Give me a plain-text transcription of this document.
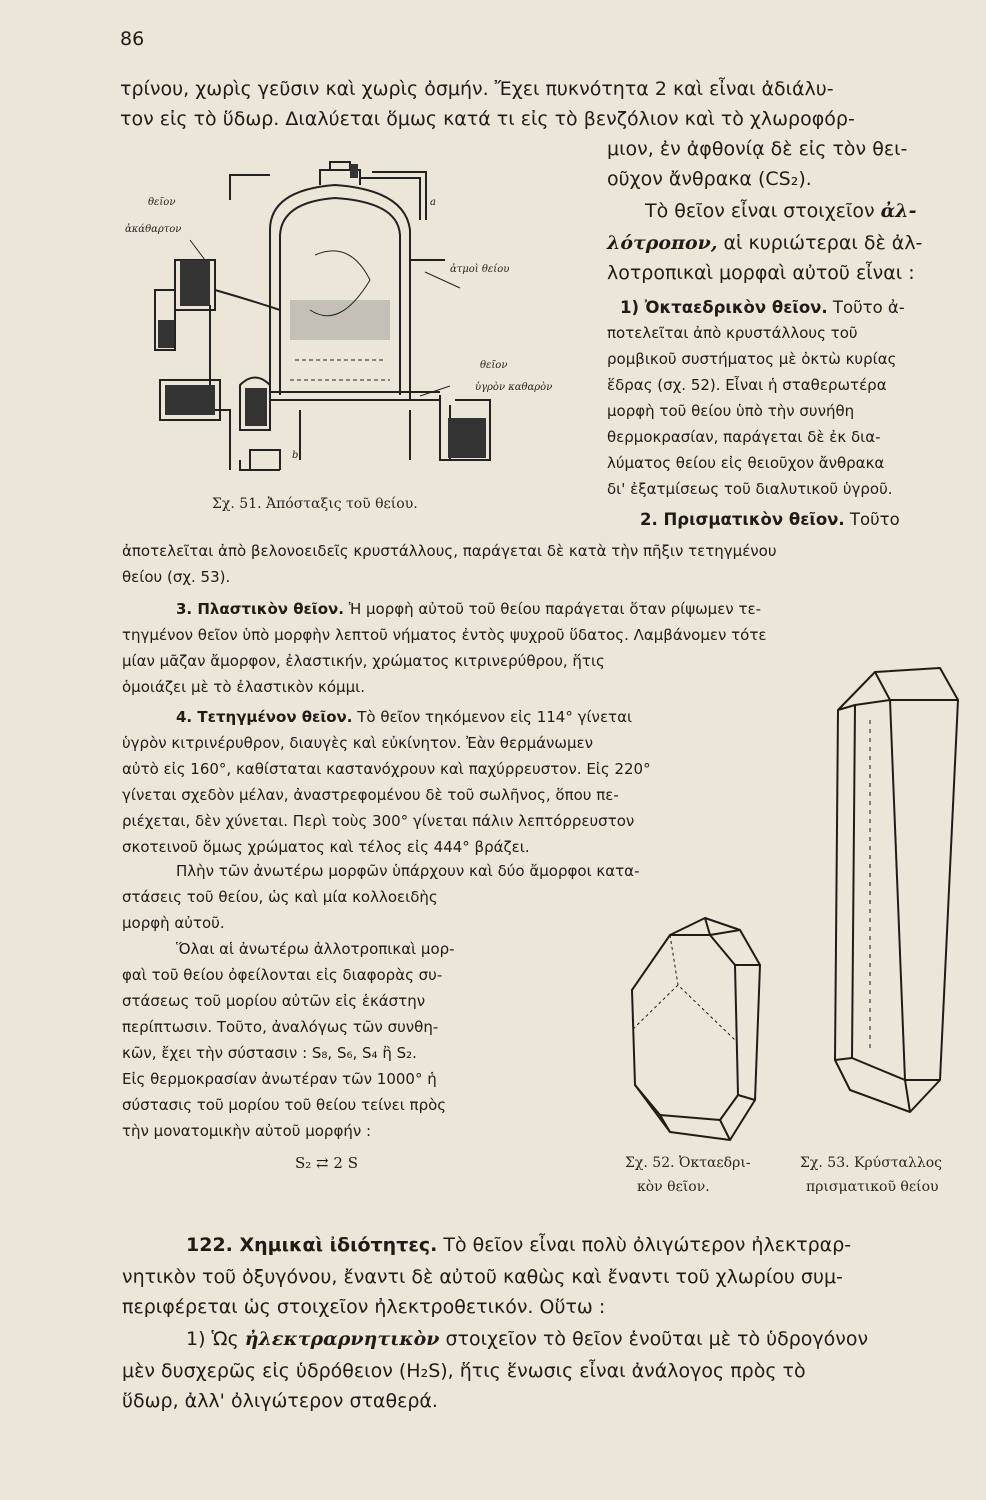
86
τρίνου, χωρὶς γεῦσιν καὶ χωρὶς ὀσμήν. Ἔχει πυκνότητα 2 καὶ εἶναι ἀδιάλυ-
τον εἰς τὸ ὕδωρ. Διαλύεται ὅμως κατά τι εἰς τὸ βενζόλιον καὶ τὸ χλωροφόρ-
μιον, ἐν ἀφθονίᾳ δὲ εἰς τὸν θει-
οῦχον ἄνθρακα (CS₂).
Τὸ θεῖον εἶναι στοιχεῖον ἀλ-
λότροπον, αἱ κυριώτεραι δὲ ἀλ-
λοτροπικαὶ μορφαὶ αὐτοῦ εἶναι :
1) Ὀκταεδρικὸν θεῖον. Τοῦτο ἀ-
ποτελεῖται ἀπὸ κρυστάλλους τοῦ
ρομβικοῦ συστήματος μὲ ὀκτὼ κυρίας
ἕδρας (σχ. 52). Εἶναι ἡ σταθερωτέρα
μορφὴ τοῦ θείου ὑπὸ τὴν συνήθη
θερμοκρασίαν, παράγεται δὲ ἐκ δια-
λύματος θείου εἰς θειοῦχον ἄνθρακα
δι' ἐξατμίσεως τοῦ διαλυτικοῦ ὑγροῦ.
2. Πρισματικὸν θεῖον. Τοῦτο
ἀποτελεῖται ἀπὸ βελονοειδεῖς κρυστάλλους, παράγεται δὲ κατὰ τὴν πῆξιν τετηγμένου
θείου (σχ. 53).
3. Πλαστικὸν θεῖον. Ἡ μορφὴ αὐτοῦ τοῦ θείου παράγεται ὅταν ρίψωμεν τε-
τηγμένον θεῖον ὑπὸ μορφὴν λεπτοῦ νήματος ἐντὸς ψυχροῦ ὕδατος. Λαμβάνομεν τότε
μίαν μᾶζαν ἄμορφον, ἐλαστικήν, χρώματος κιτρινερύθρου, ἥτις
ὁμοιάζει μὲ τὸ ἐλαστικὸν κόμμι.
4. Τετηγμένον θεῖον. Τὸ θεῖον τηκόμενον εἰς 114° γίνεται
ὑγρὸν κιτρινέρυθρον, διαυγὲς καὶ εὐκίνητον. Ἐὰν θερμάνωμεν
αὐτὸ εἰς 160°, καθίσταται καστανόχρουν καὶ παχύρρευστον. Εἰς 220°
γίνεται σχεδὸν μέλαν, ἀναστρεφομένου δὲ τοῦ σωλῆνος, ὅπου πε-
ριέχεται, δὲν χύνεται. Περὶ τοὺς 300° γίνεται πάλιν λεπτόρρευστον
σκοτεινοῦ ὅμως χρώματος καὶ τέλος εἰς 444° βράζει.
Πλὴν τῶν ἀνωτέρω μορφῶν ὑπάρχουν καὶ δύο ἄμορφοι κατα-
στάσεις τοῦ θείου, ὡς καὶ μία κολλοειδὴς
μορφὴ αὐτοῦ.
Ὅλαι αἱ ἀνωτέρω ἀλλοτροπικαὶ μορ-
φαὶ τοῦ θείου ὀφείλονται εἰς διαφορὰς συ-
στάσεως τοῦ μορίου αὐτῶν εἰς ἑκάστην
περίπτωσιν. Τοῦτο, ἀναλόγως τῶν συνθη-
κῶν, ἔχει τὴν σύστασιν : S₈, S₆, S₄ ἢ S₂.
Εἰς θερμοκρασίαν ἀνωτέραν τῶν 1000° ἡ
σύστασις τοῦ μορίου τοῦ θείου τείνει πρὸς
τὴν μονατομικὴν αὐτοῦ μορφήν :
S₂ ⇄ 2 S
122. Χημικαὶ ἰδιότητες. Τὸ θεῖον εἶναι πολὺ ὀλιγώτερον ἠλεκτραρ-
νητικὸν τοῦ ὀξυγόνου, ἔναντι δὲ αὐτοῦ καθὼς καὶ ἔναντι τοῦ χλωρίου συμ-
περιφέρεται ὡς στοιχεῖον ἠλεκτροθετικόν. Οὕτω :
1) Ὡς ἠλεκτραρνητικὸν στοιχεῖον τὸ θεῖον ἑνοῦται μὲ τὸ ὑδρογόνον
μὲν δυσχερῶς εἰς ὑδρόθειον (H₂S), ἥτις ἕνωσις εἶναι ἀνάλογος πρὸς τὸ
ὕδωρ, ἀλλ' ὀλιγώτερον σταθερά.
θεῖον
ἀκάθαρτον
ἀτμοὶ θείου
θεῖον
ὑγρὸν καθαρὸν
a
b
Σχ. 51. Ἀπόσταξις τοῦ θείου.
Σχ. 52. Ὀκταεδρι-
κὸν θεῖον.
Σχ. 53. Κρύσταλλος
πρισματικοῦ θείου
